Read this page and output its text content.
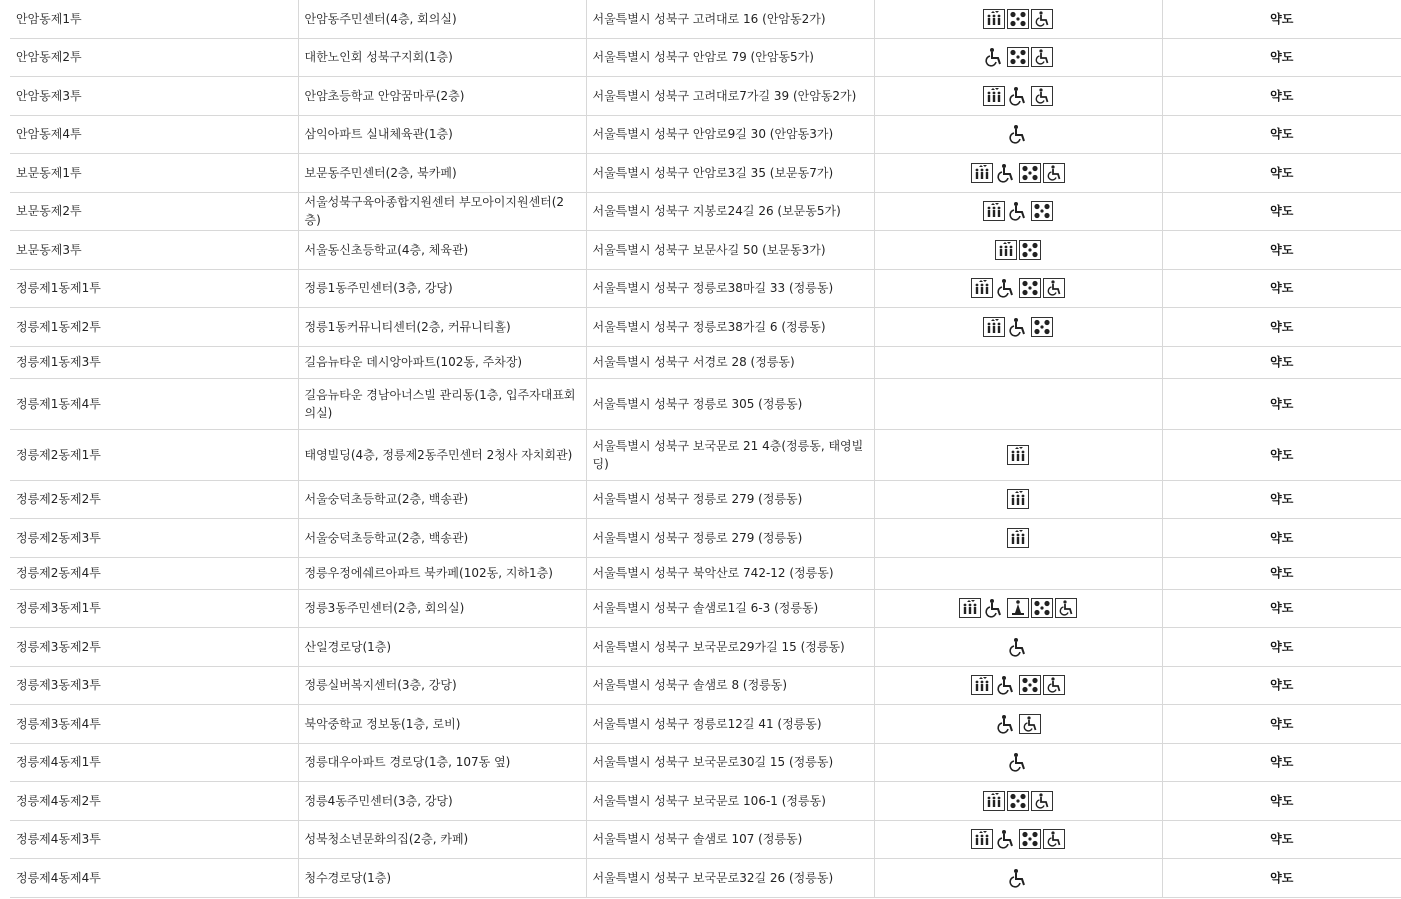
안암동제1투	안암동주민센터(4층, 회의실)	서울특별시 성북구 고려대로 16 (안암동2가)		약도
안암동제2투	대한노인회 성북구지회(1층)	서울특별시 성북구 안암로 79 (안암동5가)		약도
안암동제3투	안암초등학교 안암꿈마루(2층)	서울특별시 성북구 고려대로7가길 39 (안암동2가)		약도
안암동제4투	삼익아파트 실내체육관(1층)	서울특별시 성북구 안암로9길 30 (안암동3가)		약도
보문동제1투	보문동주민센터(2층, 북카페)	서울특별시 성북구 안암로3길 35 (보문동7가)		약도
보문동제2투	서울성북구육아종합지원센터 부모아이지원센터(2층)	서울특별시 성북구 지봉로24길 26 (보문동5가)		약도
보문동제3투	서울동신초등학교(4층, 체육관)	서울특별시 성북구 보문사길 50 (보문동3가)		약도
정릉제1동제1투	정릉1동주민센터(3층, 강당)	서울특별시 성북구 정릉로38마길 33 (정릉동)		약도
정릉제1동제2투	정릉1동커뮤니티센터(2층, 커뮤니티홀)	서울특별시 성북구 정릉로38가길 6 (정릉동)		약도
정릉제1동제3투	길음뉴타운 데시앙아파트(102동, 주차장)	서울특별시 성북구 서경로 28 (정릉동)		약도
정릉제1동제4투	길음뉴타운 경남아너스빌 관리동(1층, 입주자대표회의실)	서울특별시 성북구 정릉로 305 (정릉동)		약도
정릉제2동제1투	태영빌딩(4층, 정릉제2동주민센터 2청사 자치회관)	서울특별시 성북구 보국문로 21 4층(정릉동, 태영빌딩)		약도
정릉제2동제2투	서울숭덕초등학교(2층, 백송관)	서울특별시 성북구 정릉로 279 (정릉동)		약도
정릉제2동제3투	서울숭덕초등학교(2층, 백송관)	서울특별시 성북구 정릉로 279 (정릉동)		약도
정릉제2동제4투	정릉우정에쉐르아파트 북카페(102동, 지하1층)	서울특별시 성북구 북악산로 742-12 (정릉동)		약도
정릉제3동제1투	정릉3동주민센터(2층, 회의실)	서울특별시 성북구 솔샘로1길 6-3 (정릉동)		약도
정릉제3동제2투	산일경로당(1층)	서울특별시 성북구 보국문로29가길 15 (정릉동)		약도
정릉제3동제3투	정릉실버복지센터(3층, 강당)	서울특별시 성북구 솔샘로 8 (정릉동)		약도
정릉제3동제4투	북악중학교 정보동(1층, 로비)	서울특별시 성북구 정릉로12길 41 (정릉동)		약도
정릉제4동제1투	정릉대우아파트 경로당(1층, 107동 옆)	서울특별시 성북구 보국문로30길 15 (정릉동)		약도
정릉제4동제2투	정릉4동주민센터(3층, 강당)	서울특별시 성북구 보국문로 106-1 (정릉동)		약도
정릉제4동제3투	성북청소년문화의집(2층, 카페)	서울특별시 성북구 솔샘로 107 (정릉동)		약도
정릉제4동제4투	청수경로당(1층)	서울특별시 성북구 보국문로32길 26 (정릉동)		약도
